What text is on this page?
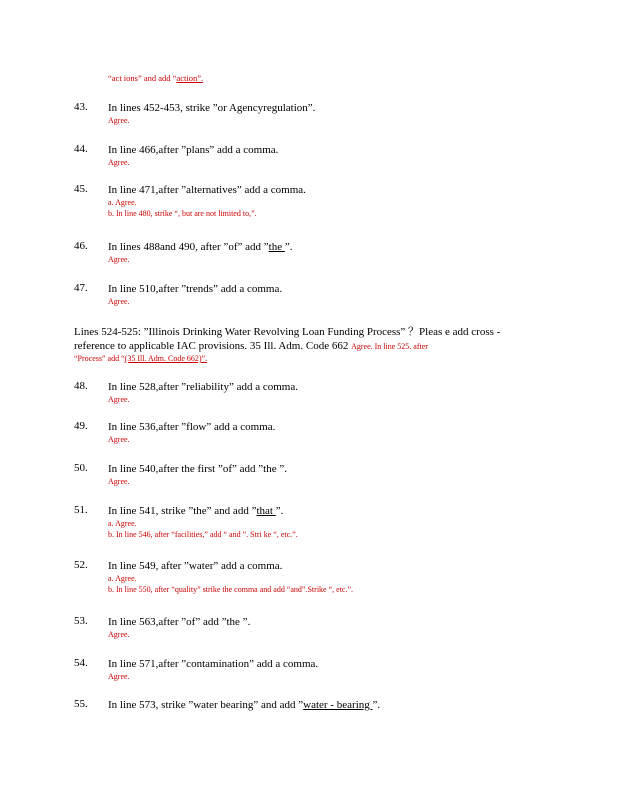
“act ions” and add “action”.
43. In lines 452-453, strike ”or Agencyregulation”.
Agree.
44. In line 466,after ”plans” add a comma.
Agree.
45. In line 471,after ”alternatives” add a comma.
a. Agree.
b. In line 480, strike “, but are not limited to,”.
46. In lines 488and 490, after ”of” add ”the ”.
Agree.
47. In line 510,after ”trends” add a comma.
Agree.
Lines 524-525: ”Illinois Drinking Water Revolving Loan Funding Process” ？Pleas e add cross -
reference to applicable IAC provisions. 35 Ill. Adm. Code 662 Agree. In line 525. after
“Process” add “(35 Ill. Adm. Code 662)”.
48. In line 528,after ”reliability” add a comma.
Agree.
49. In line 536,after ”flow” add a comma.
Agree.
50. In line 540,after the first ”of” add ”the ”.
Agree.
51. In line 541, strike ”the” and add ”that ”.
a. Agree.
b. In line 546, after “facilities,” add “ and ”. Stri ke “, etc.”.
52. In line 549, after ”water” add a comma.
a. Agree.
b. In line 550, after “quality” strike the comma and add “and”.Strike “, etc.”.
53. In line 563,after ”of” add ”the ”.
Agree.
54. In line 571,after ”contamination” add a comma.
Agree.
55. In line 573, strike ”water bearing” and add ”water - bearing ”.
